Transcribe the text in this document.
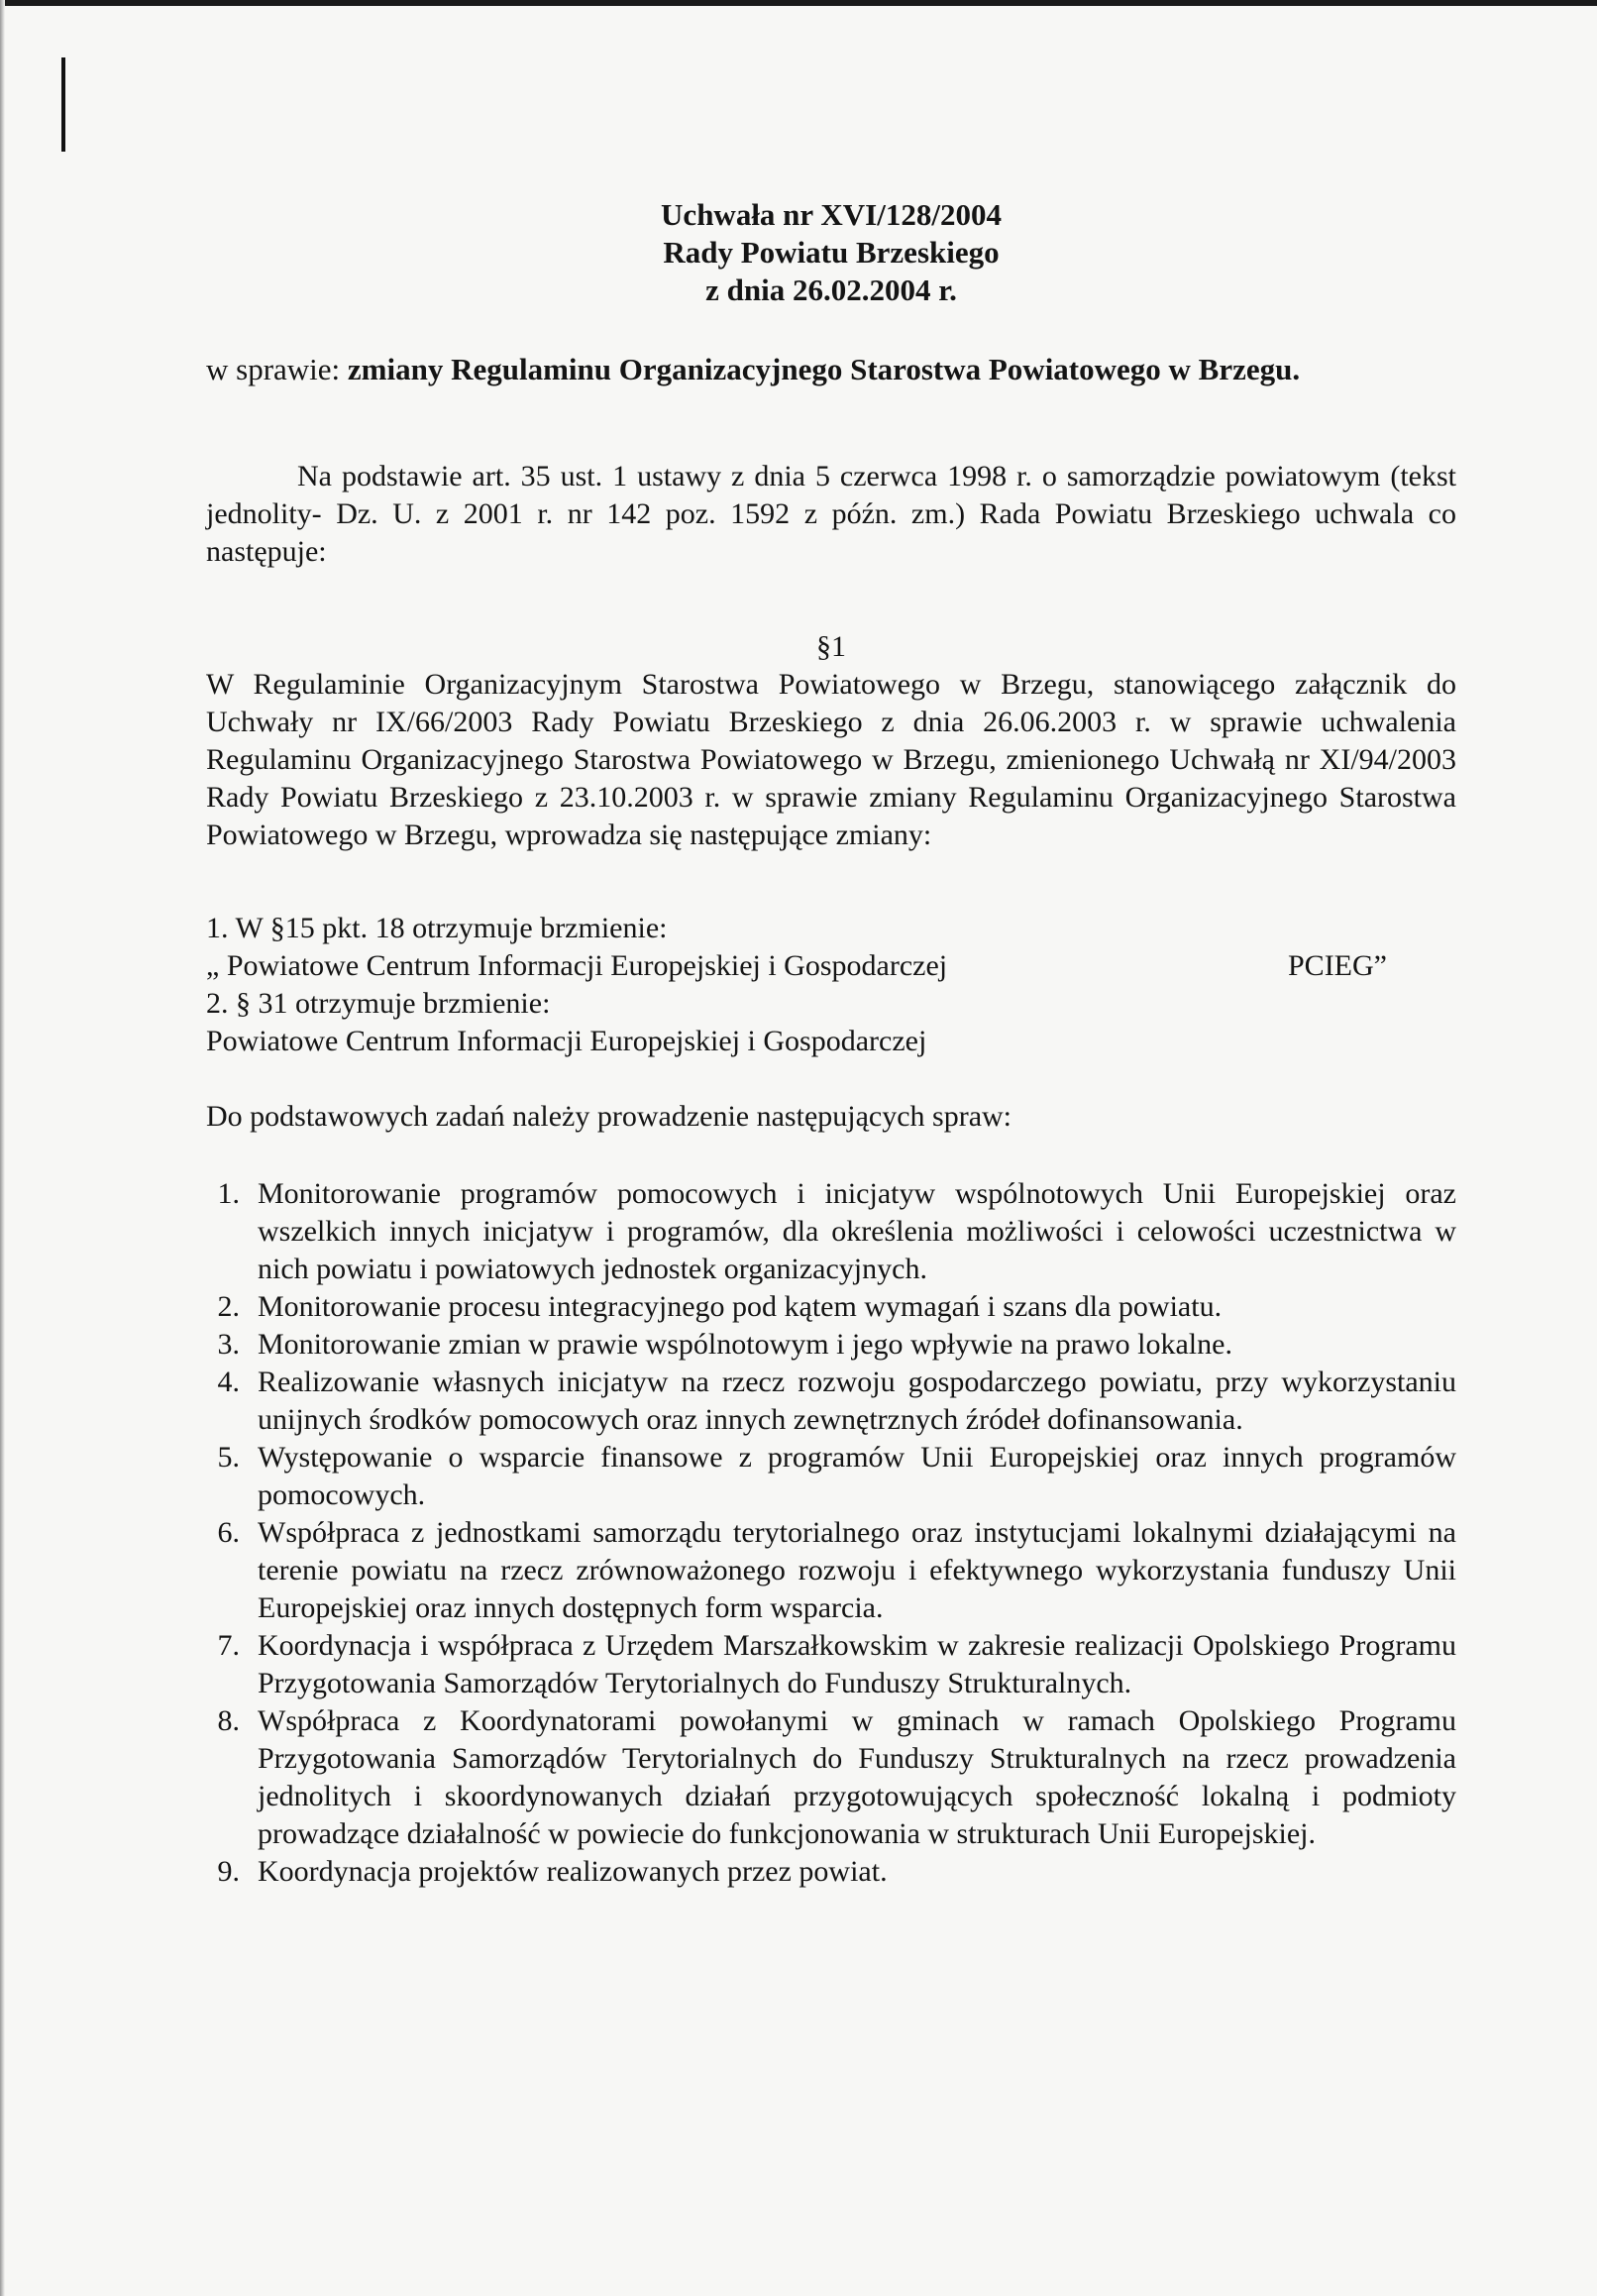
Uchwała nr XVI/128/2004
Rady Powiatu Brzeskiego
z dnia 26.02.2004 r.
w sprawie: zmiany Regulaminu Organizacyjnego Starostwa Powiatowego w Brzegu.

Na podstawie art. 35 ust. 1 ustawy z dnia 5 czerwca 1998 r. o samorządzie powiatowym (tekst jednolity- Dz. U. z 2001 r. nr 142 poz. 1592 z późn. zm.) Rada Powiatu Brzeskiego uchwala co następuje:

§1

W Regulaminie Organizacyjnym Starostwa Powiatowego w Brzegu, stanowiącego załącznik do Uchwały nr IX/66/2003 Rady Powiatu Brzeskiego z dnia 26.06.2003 r. w sprawie uchwalenia Regulaminu Organizacyjnego Starostwa Powiatowego w Brzegu, zmienionego Uchwałą nr XI/94/2003 Rady Powiatu Brzeskiego z 23.10.2003 r. w sprawie zmiany Regulaminu Organizacyjnego Starostwa Powiatowego w Brzegu, wprowadza się następujące zmiany:

1. W §15 pkt. 18 otrzymuje brzmienie:
„ Powiatowe Centrum Informacji Europejskiej i Gospodarczej	PCIEG”
2. § 31 otrzymuje brzmienie:
Powiatowe Centrum Informacji Europejskiej i Gospodarczej
Do podstawowych zadań należy prowadzenie następujących spraw:
1. Monitorowanie programów pomocowych i inicjatyw wspólnotowych Unii Europejskiej oraz wszelkich innych inicjatyw i programów, dla określenia możliwości i celowości uczestnictwa w nich powiatu i powiatowych jednostek organizacyjnych.
2. Monitorowanie procesu integracyjnego pod kątem wymagań i szans dla powiatu.
3. Monitorowanie zmian w prawie wspólnotowym i jego wpływie na prawo lokalne.
4. Realizowanie własnych inicjatyw na rzecz rozwoju gospodarczego powiatu, przy wykorzystaniu unijnych środków pomocowych oraz innych zewnętrznych źródeł dofinansowania.
5. Występowanie o wsparcie finansowe z programów Unii Europejskiej oraz innych programów pomocowych.
6. Współpraca z jednostkami samorządu terytorialnego oraz instytucjami lokalnymi działającymi na terenie powiatu na rzecz zrównoważonego rozwoju i efektywnego wykorzystania funduszy Unii Europejskiej oraz innych dostępnych form wsparcia.
7. Koordynacja i współpraca z Urzędem Marszałkowskim w zakresie realizacji Opolskiego Programu Przygotowania Samorządów Terytorialnych do Funduszy Strukturalnych.
8. Współpraca z Koordynatorami powołanymi w gminach w ramach Opolskiego Programu Przygotowania Samorządów Terytorialnych do Funduszy Strukturalnych na rzecz prowadzenia jednolitych i skoordynowanych działań przygotowujących społeczność lokalną i podmioty prowadzące działalność w powiecie do funkcjonowania w strukturach Unii Europejskiej.
9. Koordynacja projektów realizowanych przez powiat.
